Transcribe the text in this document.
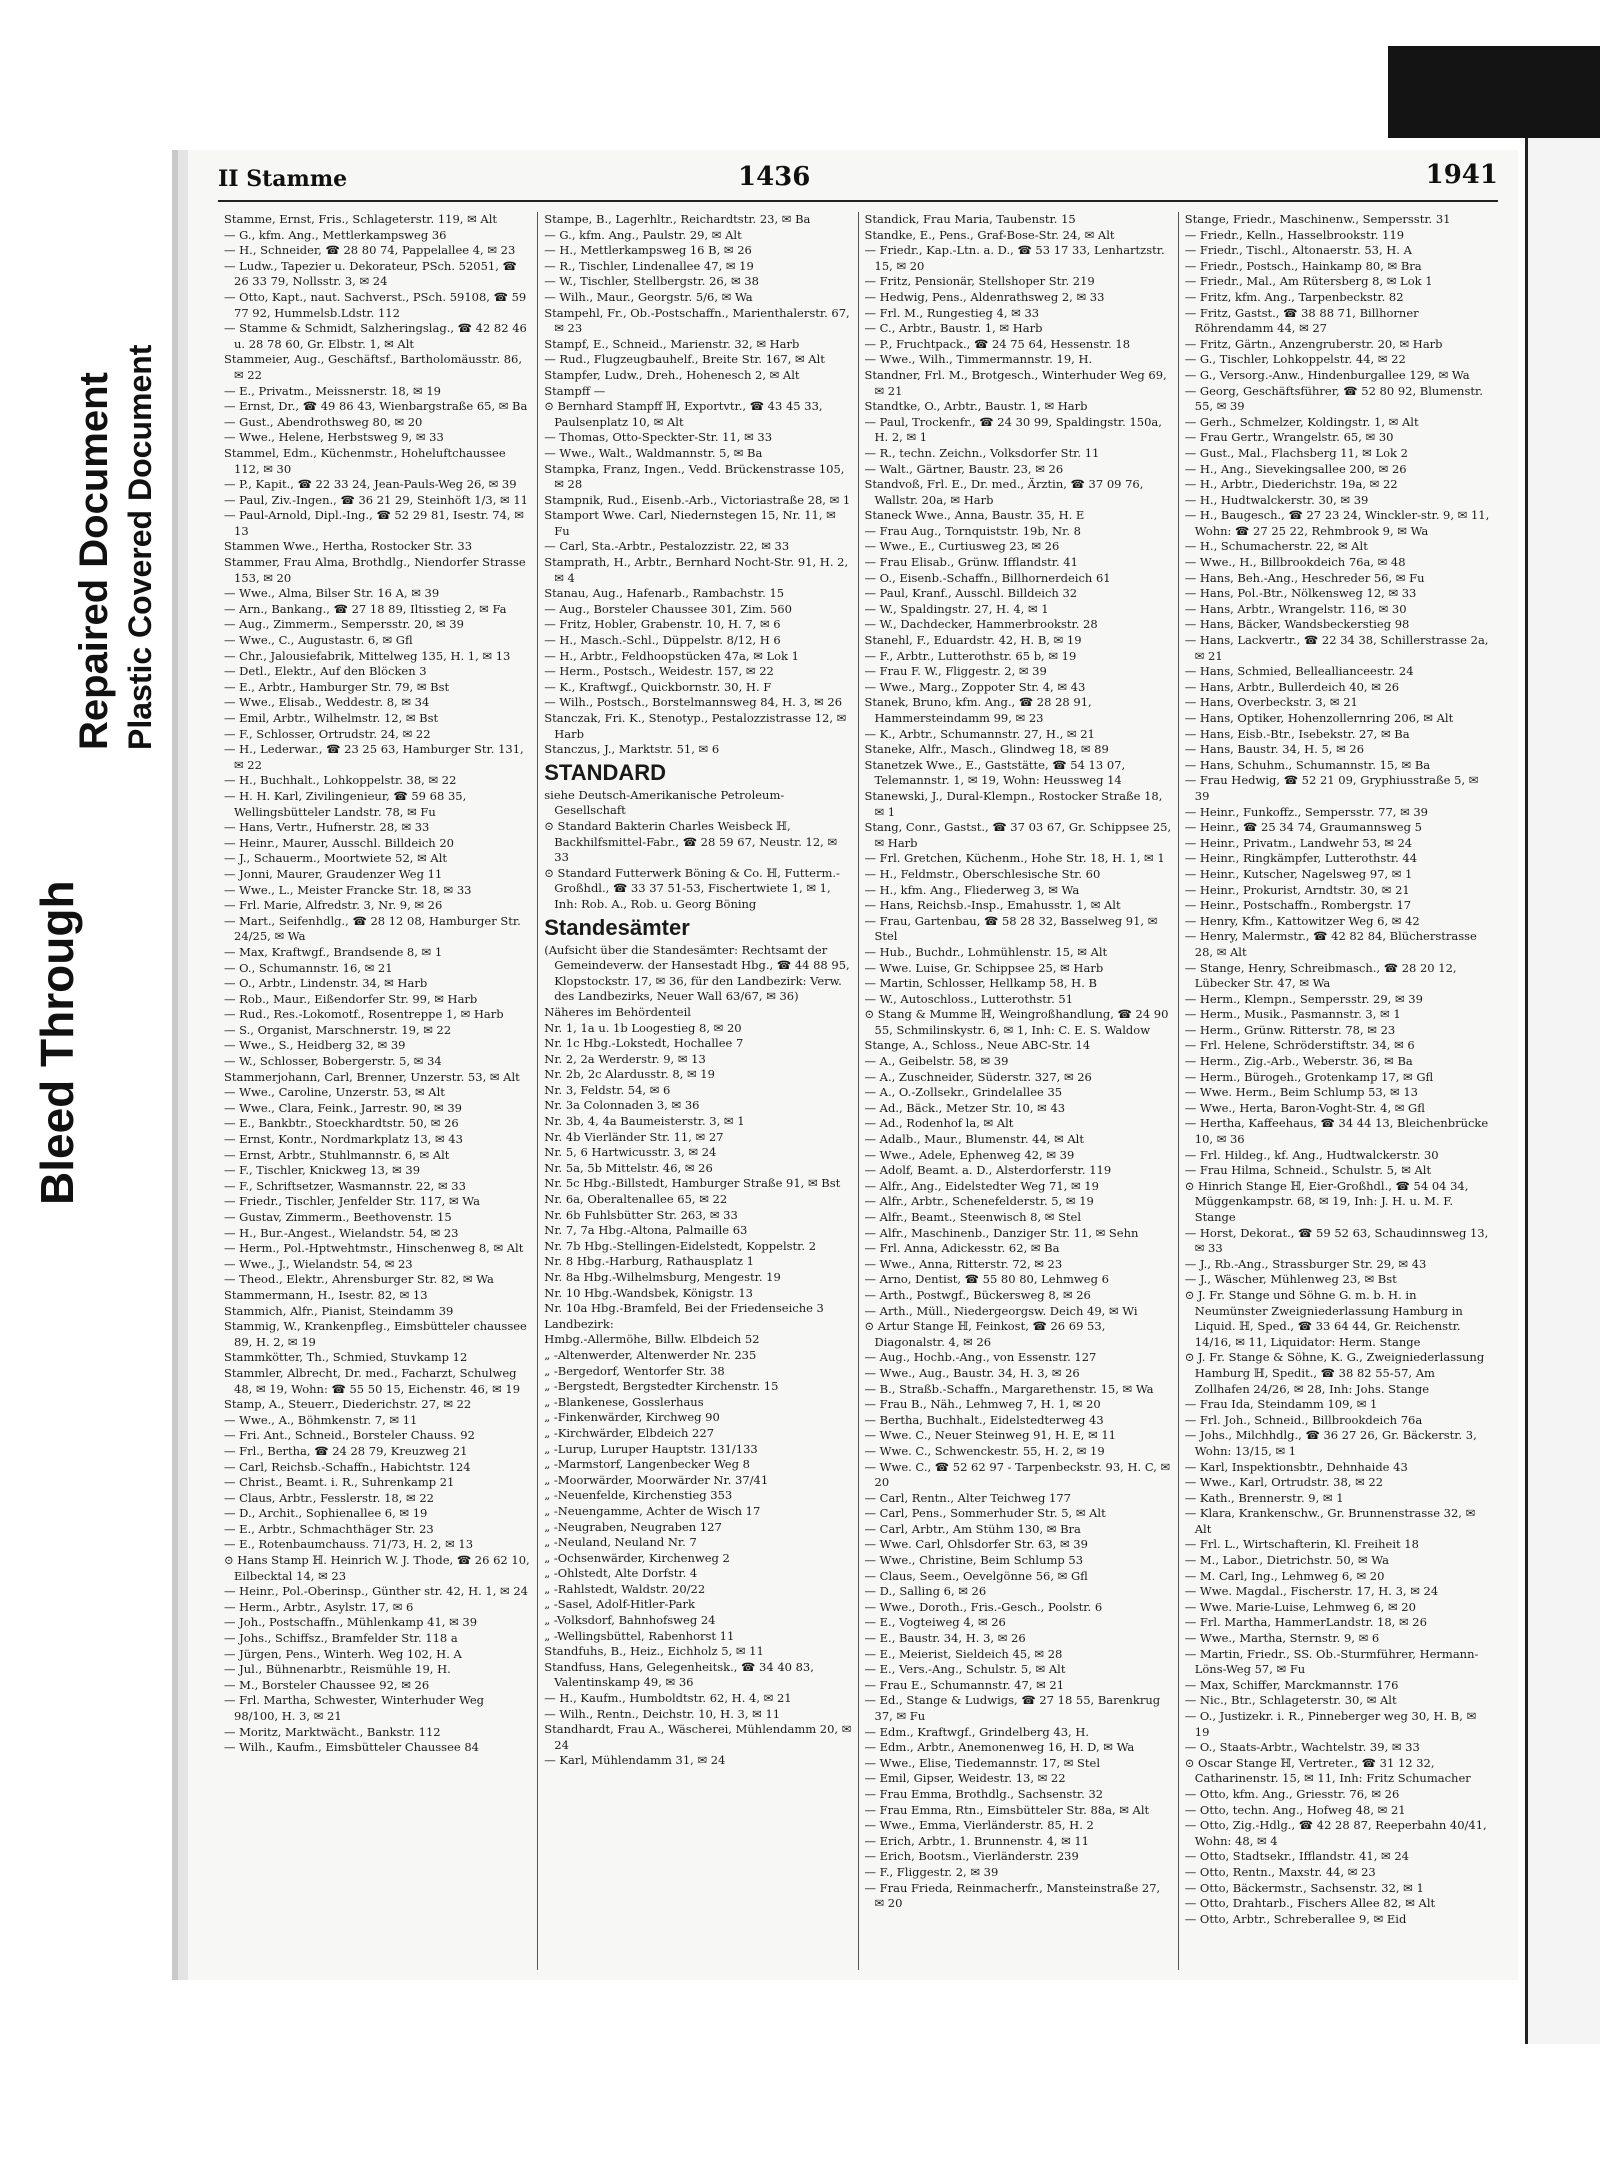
Bleed Through
Repaired Document Plastic Covered Document
II Stamme	1436	1941

Stamme, Ernst, Fris., Schlageterstr. 119, ✉ Alt

— G., kfm. Ang., Mettlerkampsweg 36

— H., Schneider, ☎ 28 80 74, Pappelallee 4, ✉ 23

— Ludw., Tapezier u. Dekorateur, PSch. 52051, ☎ 26 33 79, Nollsstr. 3, ✉ 24

— Otto, Kapt., naut. Sachverst., PSch. 59108, ☎ 59 77 92, Hummelsb.Ldstr. 112

— Stamme & Schmidt, Salzheringslag., ☎ 42 82 46 u. 28 78 60, Gr. Elbstr. 1, ✉ Alt

Stammeier, Aug., Geschäftsf., Bartholomäusstr. 86, ✉ 22

— E., Privatm., Meissnerstr. 18, ✉ 19

— Ernst, Dr., ☎ 49 86 43, Wienbargstraße 65, ✉ Ba

— Gust., Abendrothsweg 80, ✉ 20

— Wwe., Helene, Herbstsweg 9, ✉ 33

Stammel, Edm., Küchenmstr., Hoheluftchaussee 112, ✉ 30

— P., Kapit., ☎ 22 33 24, Jean-Pauls-Weg 26, ✉ 39

— Paul, Ziv.-Ingen., ☎ 36 21 29, Steinhöft 1/3, ✉ 11

— Paul-Arnold, Dipl.-Ing., ☎ 52 29 81, Isestr. 74, ✉ 13

Stammen Wwe., Hertha, Rostocker Str. 33

Stammer, Frau Alma, Brothdlg., Niendorfer Strasse 153, ✉ 20

— Wwe., Alma, Bilser Str. 16 A, ✉ 39

— Arn., Bankang., ☎ 27 18 89, Iltisstieg 2, ✉ Fa

— Aug., Zimmerm., Sempersstr. 20, ✉ 39

— Wwe., C., Augustastr. 6, ✉ Gfl

— Chr., Jalousiefabrik, Mittelweg 135, H. 1, ✉ 13

— Detl., Elektr., Auf den Blöcken 3

— E., Arbtr., Hamburger Str. 79, ✉ Bst

— Wwe., Elisab., Weddestr. 8, ✉ 34

— Emil, Arbtr., Wilhelmstr. 12, ✉ Bst

— F., Schlosser, Ortrudstr. 24, ✉ 22

— H., Lederwar., ☎ 23 25 63, Hamburger Str. 131, ✉ 22

— H., Buchhalt., Lohkoppelstr. 38, ✉ 22

— H. H. Karl, Zivilingenieur, ☎ 59 68 35, Wellingsbütteler Landstr. 78, ✉ Fu

— Hans, Vertr., Hufnerstr. 28, ✉ 33

— Heinr., Maurer, Ausschl. Billdeich 20

— J., Schauerm., Moortwiete 52, ✉ Alt

— Jonni, Maurer, Graudenzer Weg 11

— Wwe., L., Meister Francke Str. 18, ✉ 33

— Frl. Marie, Alfredstr. 3, Nr. 9, ✉ 26

— Mart., Seifenhdlg., ☎ 28 12 08, Hamburger Str. 24/25, ✉ Wa

— Max, Kraftwgf., Brandsende 8, ✉ 1

— O., Schumannstr. 16, ✉ 21

— O., Arbtr., Lindenstr. 34, ✉ Harb

— Rob., Maur., Eißendorfer Str. 99, ✉ Harb

— Rud., Res.-Lokomotf., Rosentreppe 1, ✉ Harb

— S., Organist, Marschnerstr. 19, ✉ 22

— Wwe., S., Heidberg 32, ✉ 39

— W., Schlosser, Bobergerstr. 5, ✉ 34

Stammerjohann, Carl, Brenner, Unzerstr. 53, ✉ Alt

— Wwe., Caroline, Unzerstr. 53, ✉ Alt

— Wwe., Clara, Feink., Jarrestr. 90, ✉ 39

— E., Bankbtr., Stoeckhardtstr. 50, ✉ 26

— Ernst, Kontr., Nordmarkplatz 13, ✉ 43

— Ernst, Arbtr., Stuhlmannstr. 6, ✉ Alt

— F., Tischler, Knickweg 13, ✉ 39

— F., Schriftsetzer, Wasmannstr. 22, ✉ 33

— Friedr., Tischler, Jenfelder Str. 117, ✉ Wa

— Gustav, Zimmerm., Beethovenstr. 15

— H., Bur.-Angest., Wielandstr. 54, ✉ 23

— Herm., Pol.-Hptwehtmstr., Hinschenweg 8, ✉ Alt

— Wwe., J., Wielandstr. 54, ✉ 23

— Theod., Elektr., Ahrensburger Str. 82, ✉ Wa

Stammermann, H., Isestr. 82, ✉ 13

Stammich, Alfr., Pianist, Steindamm 39

Stammig, W., Krankenpfleg., Eimsbütteler chaussee 89, H. 2, ✉ 19

Stammkötter, Th., Schmied, Stuvkamp 12

Stammler, Albrecht, Dr. med., Facharzt, Schulweg 48, ✉ 19, Wohn: ☎ 55 50 15, Eichenstr. 46, ✉ 19

Stamp, A., Steuerr., Diederichstr. 27, ✉ 22

— Wwe., A., Böhmkenstr. 7, ✉ 11

— Fri. Ant., Schneid., Borsteler Chauss. 92

— Frl., Bertha, ☎ 24 28 79, Kreuzweg 21

— Carl, Reichsb.-Schaffn., Habichtstr. 124

— Christ., Beamt. i. R., Suhrenkamp 21

— Claus, Arbtr., Fesslerstr. 18, ✉ 22

— D., Archit., Sophienallee 6, ✉ 19

— E., Arbtr., Schmachthäger Str. 23

— E., Rotenbaumchauss. 71/73, H. 2, ✉ 13

⊙ Hans Stamp ℍ. Heinrich W. J. Thode, ☎ 26 62 10, Eilbecktal 14, ✉ 23

— Heinr., Pol.-Oberinsp., Günther str. 42, H. 1, ✉ 24

— Herm., Arbtr., Asylstr. 17, ✉ 6

— Joh., Postschaffn., Mühlenkamp 41, ✉ 39

— Johs., Schiffsz., Bramfelder Str. 118 a

— Jürgen, Pens., Winterh. Weg 102, H. A

— Jul., Bühnenarbtr., Reismühle 19, H.

— M., Borsteler Chaussee 92, ✉ 26

— Frl. Martha, Schwester, Winterhuder Weg 98/100, H. 3, ✉ 21

— Moritz, Marktwächt., Bankstr. 112

— Wilh., Kaufm., Eimsbütteler Chaussee 84

Stampe, B., Lagerhltr., Reichardtstr. 23, ✉ Ba

— G., kfm. Ang., Paulstr. 29, ✉ Alt

— H., Mettlerkampsweg 16 B, ✉ 26

— R., Tischler, Lindenallee 47, ✉ 19

— W., Tischler, Stellbergstr. 26, ✉ 38

— Wilh., Maur., Georgstr. 5/6, ✉ Wa

Stampehl, Fr., Ob.-Postschaffn., Marienthalerstr. 67, ✉ 23

Stampf, E., Schneid., Marienstr. 32, ✉ Harb

— Rud., Flugzeugbauhelf., Breite Str. 167, ✉ Alt

Stampfer, Ludw., Dreh., Hohenesch 2, ✉ Alt

Stampff —

⊙ Bernhard Stampff ℍ, Exportvtr., ☎ 43 45 33, Paulsenplatz 10, ✉ Alt

— Thomas, Otto-Speckter-Str. 11, ✉ 33

— Wwe., Walt., Waldmannstr. 5, ✉ Ba

Stampka, Franz, Ingen., Vedd. Brückenstrasse 105, ✉ 28

Stampnik, Rud., Eisenb.-Arb., Victoriastraße 28, ✉ 1

Stamport Wwe. Carl, Niedernstegen 15, Nr. 11, ✉ Fu

— Carl, Sta.-Arbtr., Pestalozzistr. 22, ✉ 33

Stamprath, H., Arbtr., Bernhard Nocht-Str. 91, H. 2, ✉ 4

Stanau, Aug., Hafenarb., Rambachstr. 15

— Aug., Borsteler Chaussee 301, Zim. 560

— Fritz, Hobler, Grabenstr. 10, H. 7, ✉ 6

— H., Masch.-Schl., Düppelstr. 8/12, H 6

— H., Arbtr., Feldhoopstücken 47a, ✉ Lok 1

— Herm., Postsch., Weidestr. 157, ✉ 22

— K., Kraftwgf., Quickbornstr. 30, H. F

— Wilh., Postsch., Borstelmannsweg 84, H. 3, ✉ 26

Stanczak, Fri. K., Stenotyp., Pestalozzistrasse 12, ✉ Harb

Stanczus, J., Marktstr. 51, ✉ 6

STANDARD

siehe Deutsch-Amerikanische Petroleum-Gesellschaft

⊙ Standard Bakterin Charles Weisbeck ℍ, Backhilfsmittel-Fabr., ☎ 28 59 67, Neustr. 12, ✉ 33

⊙ Standard Futterwerk Böning & Co. ℍ, Futterm.-Großhdl., ☎ 33 37 51-53, Fischertwiete 1, ✉ 1, Inh: Rob. A., Rob. u. Georg Böning

Standesämter

(Aufsicht über die Standesämter: Rechtsamt der Gemeindeverw. der Hansestadt Hbg., ☎ 44 88 95, Klopstockstr. 17, ✉ 36, für den Landbezirk: Verw. des Landbezirks, Neuer Wall 63/67, ✉ 36)

Näheres im Behördenteil

Nr. 1, 1a u. 1b Loogestieg 8, ✉ 20

Nr. 1c Hbg.-Lokstedt, Hochallee 7

Nr. 2, 2a Werderstr. 9, ✉ 13

Nr. 2b, 2c Alardusstr. 8, ✉ 19

Nr. 3, Feldstr. 54, ✉ 6

Nr. 3a Colonnaden 3, ✉ 36

Nr. 3b, 4, 4a Baumeisterstr. 3, ✉ 1

Nr. 4b Vierländer Str. 11, ✉ 27

Nr. 5, 6 Hartwicusstr. 3, ✉ 24

Nr. 5a, 5b Mittelstr. 46, ✉ 26

Nr. 5c Hbg.-Billstedt, Hamburger Straße 91, ✉ Bst

Nr. 6a, Oberaltenallee 65, ✉ 22

Nr. 6b Fuhlsbütter Str. 263, ✉ 33

Nr. 7, 7a Hbg.-Altona, Palmaille 63

Nr. 7b Hbg.-Stellingen-Eidelstedt, Koppelstr. 2

Nr. 8 Hbg.-Harburg, Rathausplatz 1

Nr. 8a Hbg.-Wilhelmsburg, Mengestr. 19

Nr. 10 Hbg.-Wandsbek, Königstr. 13

Nr. 10a Hbg.-Bramfeld, Bei der Friedenseiche 3

Landbezirk:

Hmbg.-Allermöhe, Billw. Elbdeich 52

„ -Altenwerder, Altenwerder Nr. 235

„ -Bergedorf, Wentorfer Str. 38

„ -Bergstedt, Bergstedter Kirchenstr. 15

„ -Blankenese, Gosslerhaus

„ -Finkenwärder, Kirchweg 90

„ -Kirchwärder, Elbdeich 227

„ -Lurup, Luruper Hauptstr. 131/133

„ -Marmstorf, Langenbecker Weg 8

„ -Moorwärder, Moorwärder Nr. 37/41

„ -Neuenfelde, Kirchenstieg 353

„ -Neuengamme, Achter de Wisch 17

„ -Neugraben, Neugraben 127

„ -Neuland, Neuland Nr. 7

„ -Ochsenwärder, Kirchenweg 2

„ -Ohlstedt, Alte Dorfstr. 4

„ -Rahlstedt, Waldstr. 20/22

„ -Sasel, Adolf-Hitler-Park

„ -Volksdorf, Bahnhofsweg 24

„ -Wellingsbüttel, Rabenhorst 11

Standfuhs, B., Heiz., Eichholz 5, ✉ 11

Standfuss, Hans, Gelegenheitsk., ☎ 34 40 83, Valentinskamp 49, ✉ 36

— H., Kaufm., Humboldtstr. 62, H. 4, ✉ 21

— Wilh., Rentn., Deichstr. 10, H. 3, ✉ 11

Standhardt, Frau A., Wäscherei, Mühlendamm 20, ✉ 24

— Karl, Mühlendamm 31, ✉ 24

Standick, Frau Maria, Taubenstr. 15

Standke, E., Pens., Graf-Bose-Str. 24, ✉ Alt

— Friedr., Kap.-Ltn. a. D., ☎ 53 17 33, Lenhartzstr. 15, ✉ 20

— Fritz, Pensionär, Stellshoper Str. 219

— Hedwig, Pens., Aldenrathsweg 2, ✉ 33

— Frl. M., Rungestieg 4, ✉ 33

— C., Arbtr., Baustr. 1, ✉ Harb

— P., Fruchtpack., ☎ 24 75 64, Hessenstr. 18

— Wwe., Wilh., Timmermannstr. 19, H.

Standner, Frl. M., Brotgesch., Winterhuder Weg 69, ✉ 21

Standtke, O., Arbtr., Baustr. 1, ✉ Harb

— Paul, Trockenfr., ☎ 24 30 99, Spaldingstr. 150a, H. 2, ✉ 1

— R., techn. Zeichn., Volksdorfer Str. 11

— Walt., Gärtner, Baustr. 23, ✉ 26

Standvoß, Frl. E., Dr. med., Ärztin, ☎ 37 09 76, Wallstr. 20a, ✉ Harb

Staneck Wwe., Anna, Baustr. 35, H. E

— Frau Aug., Tornquiststr. 19b, Nr. 8

— Wwe., E., Curtiusweg 23, ✉ 26

— Frau Elisab., Grünw. Ifflandstr. 41

— O., Eisenb.-Schaffn., Billhornerdeich 61

— Paul, Kranf., Ausschl. Billdeich 32

— W., Spaldingstr. 27, H. 4, ✉ 1

— W., Dachdecker, Hammerbrookstr. 28

Stanehl, F., Eduardstr. 42, H. B, ✉ 19

— F., Arbtr., Lutterothstr. 65 b, ✉ 19

— Frau F. W., Fliggestr. 2, ✉ 39

— Wwe., Marg., Zoppoter Str. 4, ✉ 43

Stanek, Bruno, kfm. Ang., ☎ 28 28 91, Hammersteindamm 99, ✉ 23

— K., Arbtr., Schumannstr. 27, H., ✉ 21

Staneke, Alfr., Masch., Glindweg 18, ✉ 89

Stanetzek Wwe., E., Gaststätte, ☎ 54 13 07, Telemannstr. 1, ✉ 19, Wohn: Heussweg 14

Stanewski, J., Dural-Klempn., Rostocker Straße 18, ✉ 1

Stang, Conr., Gastst., ☎ 37 03 67, Gr. Schippsee 25, ✉ Harb

— Frl. Gretchen, Küchenm., Hohe Str. 18, H. 1, ✉ 1

— H., Feldmstr., Oberschlesische Str. 60

— H., kfm. Ang., Fliederweg 3, ✉ Wa

— Hans, Reichsb.-Insp., Emahusstr. 1, ✉ Alt

— Frau, Gartenbau, ☎ 58 28 32, Basselweg 91, ✉ Stel

— Hub., Buchdr., Lohmühlenstr. 15, ✉ Alt

— Wwe. Luise, Gr. Schippsee 25, ✉ Harb

— Martin, Schlosser, Hellkamp 58, H. B

— W., Autoschloss., Lutterothstr. 51

⊙ Stang & Mumme ℍ, Weingroßhandlung, ☎ 24 90 55, Schmilinskystr. 6, ✉ 1, Inh: C. E. S. Waldow

Stange, A., Schloss., Neue ABC-Str. 14

— A., Geibelstr. 58, ✉ 39

— A., Zuschneider, Süderstr. 327, ✉ 26

— A., O.-Zollsekr., Grindelallee 35

— Ad., Bäck., Metzer Str. 10, ✉ 43

— Ad., Rodenhof la, ✉ Alt

— Adalb., Maur., Blumenstr. 44, ✉ Alt

— Wwe., Adele, Ephenweg 42, ✉ 39

— Adolf, Beamt. a. D., Alsterdorferstr. 119

— Alfr., Ang., Eidelstedter Weg 71, ✉ 19

— Alfr., Arbtr., Schenefelderstr. 5, ✉ 19

— Alfr., Beamt., Steenwisch 8, ✉ Stel

— Alfr., Maschinenb., Danziger Str. 11, ✉ Sehn

— Frl. Anna, Adickesstr. 62, ✉ Ba

— Wwe., Anna, Ritterstr. 72, ✉ 23

— Arno, Dentist, ☎ 55 80 80, Lehmweg 6

— Arth., Postwgf., Bückersweg 8, ✉ 26

— Arth., Müll., Niedergeorgsw. Deich 49, ✉ Wi

⊙ Artur Stange ℍ, Feinkost, ☎ 26 69 53, Diagonalstr. 4, ✉ 26

— Aug., Hochb.-Ang., von Essenstr. 127

— Wwe., Aug., Baustr. 34, H. 3, ✉ 26

— B., Straßb.-Schaffn., Margarethenstr. 15, ✉ Wa

— Frau B., Näh., Lehmweg 7, H. 1, ✉ 20

— Bertha, Buchhalt., Eidelstedterweg 43

— Wwe. C., Neuer Steinweg 91, H. E, ✉ 11

— Wwe. C., Schwenckestr. 55, H. 2, ✉ 19

— Wwe. C., ☎ 52 62 97 - Tarpenbeckstr. 93, H. C, ✉ 20

— Carl, Rentn., Alter Teichweg 177

— Carl, Pens., Sommerhuder Str. 5, ✉ Alt

— Carl, Arbtr., Am Stühm 130, ✉ Bra

— Wwe. Carl, Ohlsdorfer Str. 63, ✉ 39

— Wwe., Christine, Beim Schlump 53

— Claus, Seem., Oevelgönne 56, ✉ Gfl

— D., Salling 6, ✉ 26

— Wwe., Doroth., Fris.-Gesch., Poolstr. 6

— E., Vogteiweg 4, ✉ 26

— E., Baustr. 34, H. 3, ✉ 26

— E., Meierist, Sieldeich 45, ✉ 28

— E., Vers.-Ang., Schulstr. 5, ✉ Alt

— Frau E., Schumannstr. 47, ✉ 21

— Ed., Stange & Ludwigs, ☎ 27 18 55, Barenkrug 37, ✉ Fu

— Edm., Kraftwgf., Grindelberg 43, H.

— Edm., Arbtr., Anemonenweg 16, H. D, ✉ Wa

— Wwe., Elise, Tiedemannstr. 17, ✉ Stel

— Emil, Gipser, Weidestr. 13, ✉ 22

— Frau Emma, Brothdlg., Sachsenstr. 32

— Frau Emma, Rtn., Eimsbütteler Str. 88a, ✉ Alt

— Wwe., Emma, Vierländerstr. 85, H. 2

— Erich, Arbtr., 1. Brunnenstr. 4, ✉ 11

— Erich, Bootsm., Vierländerstr. 239

— F., Fliggestr. 2, ✉ 39

— Frau Frieda, Reinmacherfr., Mansteinstraße 27, ✉ 20

Stange, Friedr., Maschinenw., Sempersstr. 31

— Friedr., Kelln., Hasselbrookstr. 119

— Friedr., Tischl., Altonaerstr. 53, H. A

— Friedr., Postsch., Hainkamp 80, ✉ Bra

— Friedr., Mal., Am Rütersberg 8, ✉ Lok 1

— Fritz, kfm. Ang., Tarpenbeckstr. 82

— Fritz, Gastst., ☎ 38 88 71, Billhorner Röhrendamm 44, ✉ 27

— Fritz, Gärtn., Anzengruberstr. 20, ✉ Harb

— G., Tischler, Lohkoppelstr. 44, ✉ 22

— G., Versorg.-Anw., Hindenburgallee 129, ✉ Wa

— Georg, Geschäftsführer, ☎ 52 80 92, Blumenstr. 55, ✉ 39

— Gerh., Schmelzer, Koldingstr. 1, ✉ Alt

— Frau Gertr., Wrangelstr. 65, ✉ 30

— Gust., Mal., Flachsberg 11, ✉ Lok 2

— H., Ang., Sievekingsallee 200, ✉ 26

— H., Arbtr., Diederichstr. 19a, ✉ 22

— H., Hudtwalckerstr. 30, ✉ 39

— H., Baugesch., ☎ 27 23 24, Winckler-str. 9, ✉ 11, Wohn: ☎ 27 25 22, Rehmbrook 9, ✉ Wa

— H., Schumacherstr. 22, ✉ Alt

— Wwe., H., Billbrookdeich 76a, ✉ 48

— Hans, Beh.-Ang., Heschreder 56, ✉ Fu

— Hans, Pol.-Btr., Nölkensweg 12, ✉ 33

— Hans, Arbtr., Wrangelstr. 116, ✉ 30

— Hans, Bäcker, Wandsbeckerstieg 98

— Hans, Lackvertr., ☎ 22 34 38, Schillerstrasse 2a, ✉ 21

— Hans, Schmied, Belleallianceestr. 24

— Hans, Arbtr., Bullerdeich 40, ✉ 26

— Hans, Overbeckstr. 3, ✉ 21

— Hans, Optiker, Hohenzollernring 206, ✉ Alt

— Hans, Eisb.-Btr., Isebekstr. 27, ✉ Ba

— Hans, Baustr. 34, H. 5, ✉ 26

— Hans, Schuhm., Schumannstr. 15, ✉ Ba

— Frau Hedwig, ☎ 52 21 09, Gryphiusstraße 5, ✉ 39

— Heinr., Funkoffz., Sempersstr. 77, ✉ 39

— Heinr., ☎ 25 34 74, Graumannsweg 5

— Heinr., Privatm., Landwehr 53, ✉ 24

— Heinr., Ringkämpfer, Lutterothstr. 44

— Heinr., Kutscher, Nagelsweg 97, ✉ 1

— Heinr., Prokurist, Arndtstr. 30, ✉ 21

— Heinr., Postschaffn., Rombergstr. 17

— Henry, Kfm., Kattowitzer Weg 6, ✉ 42

— Henry, Malermstr., ☎ 42 82 84, Blücherstrasse 28, ✉ Alt

— Stange, Henry, Schreibmasch., ☎ 28 20 12, Lübecker Str. 47, ✉ Wa

— Herm., Klempn., Sempersstr. 29, ✉ 39

— Herm., Musik., Pasmannstr. 3, ✉ 1

— Herm., Grünw. Ritterstr. 78, ✉ 23

— Frl. Helene, Schröderstiftstr. 34, ✉ 6

— Herm., Zig.-Arb., Weberstr. 36, ✉ Ba

— Herm., Bürogeh., Grotenkamp 17, ✉ Gfl

— Wwe. Herm., Beim Schlump 53, ✉ 13

— Wwe., Herta, Baron-Voght-Str. 4, ✉ Gfl

— Hertha, Kaffeehaus, ☎ 34 44 13, Bleichenbrücke 10, ✉ 36

— Frl. Hildeg., kf. Ang., Hudtwalckerstr. 30

— Frau Hilma, Schneid., Schulstr. 5, ✉ Alt

⊙ Hinrich Stange ℍ, Eier-Großhdl., ☎ 54 04 34, Müggenkampstr. 68, ✉ 19, Inh: J. H. u. M. F. Stange

— Horst, Dekorat., ☎ 59 52 63, Schaudinnsweg 13, ✉ 33

— J., Rb.-Ang., Strassburger Str. 29, ✉ 43

— J., Wäscher, Mühlenweg 23, ✉ Bst

⊙ J. Fr. Stange und Söhne G. m. b. H. in Neumünster Zweigniederlassung Hamburg in Liquid. ℍ, Sped., ☎ 33 64 44, Gr. Reichenstr. 14/16, ✉ 11, Liquidator: Herm. Stange

⊙ J. Fr. Stange & Söhne, K. G., Zweigniederlassung Hamburg ℍ, Spedit., ☎ 38 82 55-57, Am Zollhafen 24/26, ✉ 28, Inh: Johs. Stange

— Frau Ida, Steindamm 109, ✉ 1

— Frl. Joh., Schneid., Billbrookdeich 76a

— Johs., Milchhdlg., ☎ 36 27 26, Gr. Bäckerstr. 3, Wohn: 13/15, ✉ 1

— Karl, Inspektionsbtr., Dehnhaide 43

— Wwe., Karl, Ortrudstr. 38, ✉ 22

— Kath., Brennerstr. 9, ✉ 1

— Klara, Krankenschw., Gr. Brunnenstrasse 32, ✉ Alt

— Frl. L., Wirtschafterin, Kl. Freiheit 18

— M., Labor., Dietrichstr. 50, ✉ Wa

— M. Carl, Ing., Lehmweg 6, ✉ 20

— Wwe. Magdal., Fischerstr. 17, H. 3, ✉ 24

— Wwe. Marie-Luise, Lehmweg 6, ✉ 20

— Frl. Martha, HammerLandstr. 18, ✉ 26

— Wwe., Martha, Sternstr. 9, ✉ 6

— Martin, Friedr., SS. Ob.-Sturmführer, Hermann-Löns-Weg 57, ✉ Fu

— Max, Schiffer, Marckmannstr. 176

— Nic., Btr., Schlageterstr. 30, ✉ Alt

— O., Justizekr. i. R., Pinneberger weg 30, H. B, ✉ 19

— O., Staats-Arbtr., Wachtelstr. 39, ✉ 33

⊙ Oscar Stange ℍ, Vertreter., ☎ 31 12 32, Catharinenstr. 15, ✉ 11, Inh: Fritz Schumacher

— Otto, kfm. Ang., Griesstr. 76, ✉ 26

— Otto, techn. Ang., Hofweg 48, ✉ 21

— Otto, Zig.-Hdlg., ☎ 42 28 87, Reeperbahn 40/41, Wohn: 48, ✉ 4

— Otto, Stadtsekr., Ifflandstr. 41, ✉ 24

— Otto, Rentn., Maxstr. 44, ✉ 23

— Otto, Bäckermstr., Sachsenstr. 32, ✉ 1

— Otto, Drahtarb., Fischers Allee 82, ✉ Alt

— Otto, Arbtr., Schreberallee 9, ✉ Eid
